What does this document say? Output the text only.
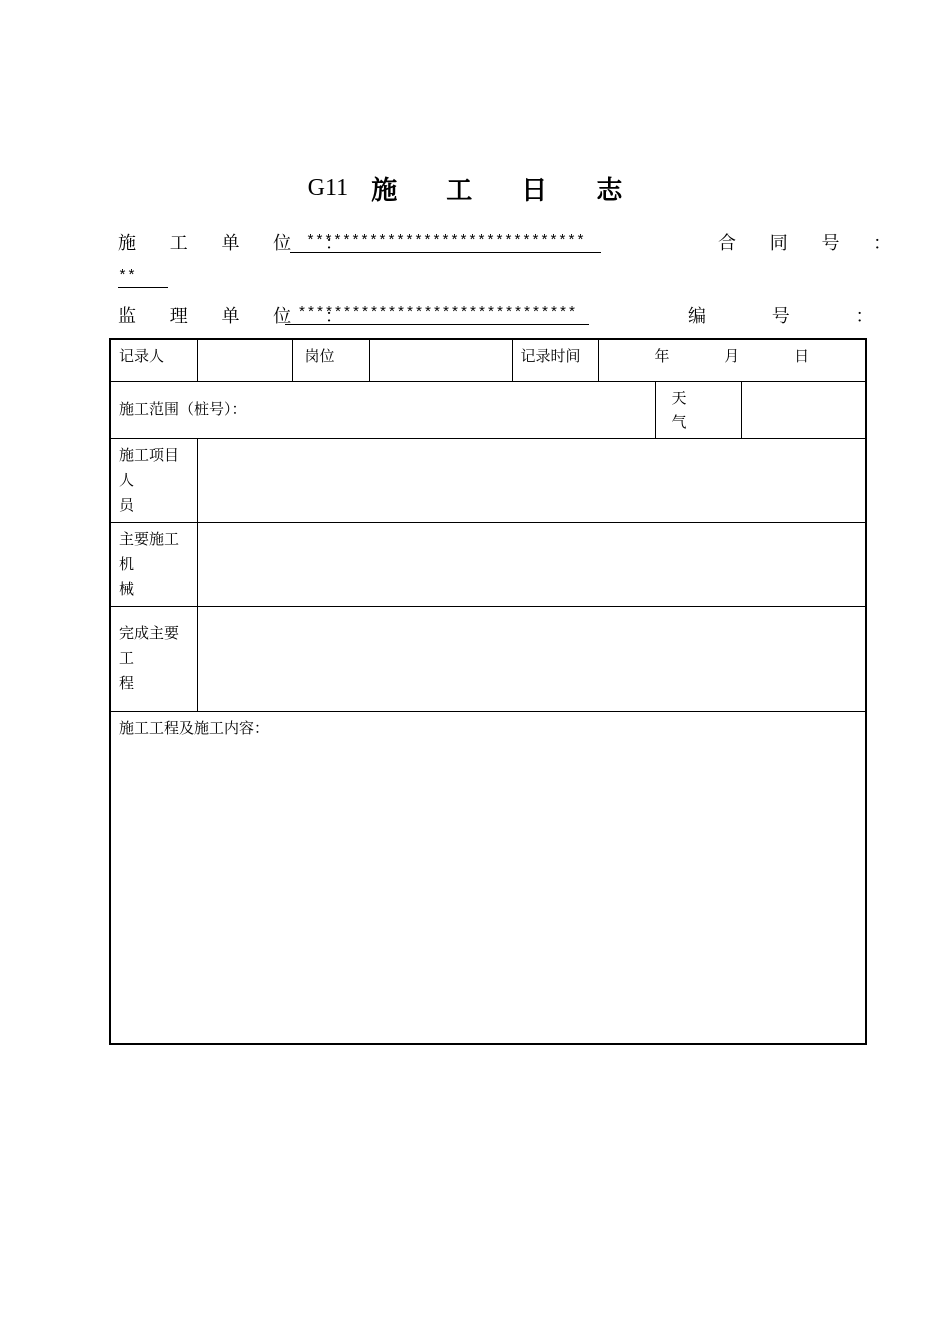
G11 施 工 日 志
施 工 单 位 ：
*******************************	合 同 号 ：
**
监 理 单 位 ：
*******************************	编 号 ：
记录人		岗位		记录时间	年 月 日		
施工范围（桩号）：						天
气	
施工项目人
员							
主要施工机
械							
完成主要工
程							
施工工程及施工内容：							
